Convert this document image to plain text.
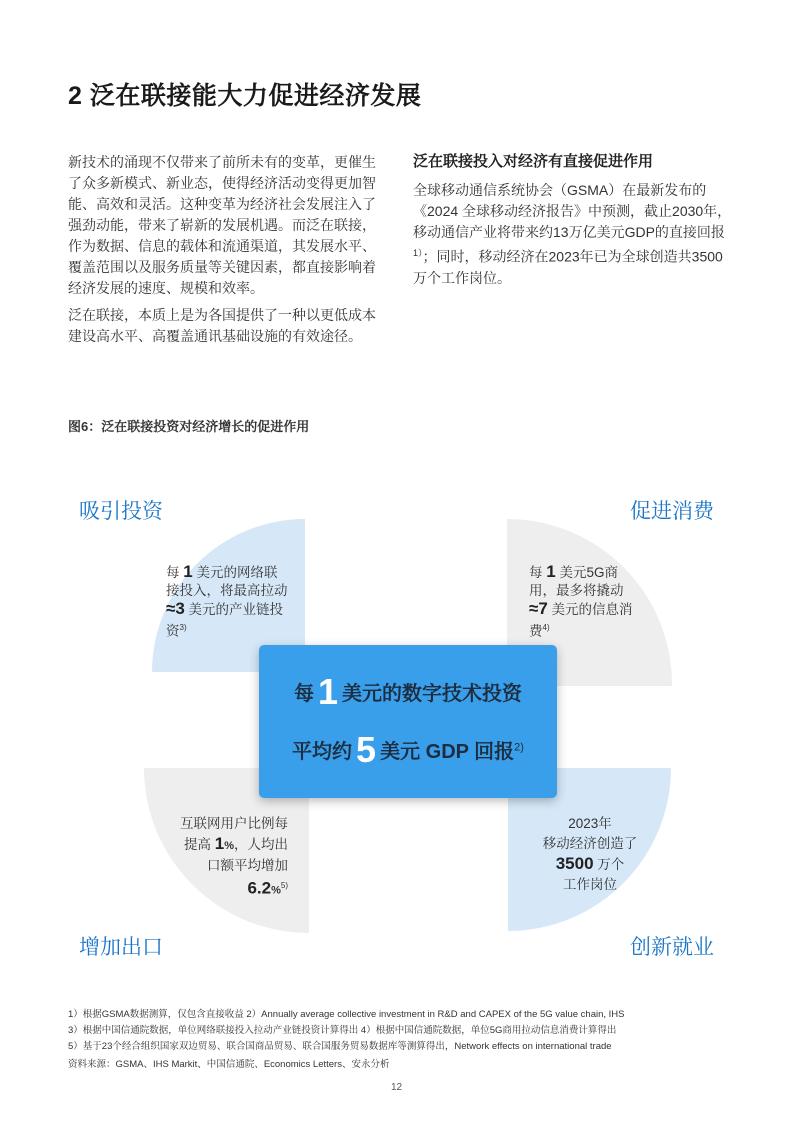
2 泛在联接能大力促进经济发展

新技术的涌现不仅带来了前所未有的变革，更催生了众多新模式、新业态，使得经济活动变得更加智能、高效和灵活。这种变革为经济社会发展注入了强劲动能，带来了崭新的发展机遇。而泛在联接，作为数据、信息的载体和流通渠道，其发展水平、覆盖范围以及服务质量等关键因素，都直接影响着经济发展的速度、规模和效率。

泛在联接，本质上是为各国提供了一种以更低成本建设高水平、高覆盖通讯基础设施的有效途径。

泛在联接投入对经济有直接促进作用

全球移动通信系统协会（GSMA）在最新发布的《2024 全球移动经济报告》中预测，截止2030年，移动通信产业将带来约13万亿美元GDP的直接回报$^{1)}$；同时，移动经济在2023年已为全球创造共3500万个工作岗位。

图6：泛在联接投资对经济增长的促进作用
吸引投资	促进消费
增加出口	创新就业
每 1 美元的网络联接投入，将最高拉动 ≈3 美元的产业链投资$^{3)}$
每 1 美元5G商用，最多将撬动 ≈7 美元的信息消费$^{4)}$
互联网用户比例每
提高 1%，人均出
口额平均增加
6.2%$^{5)}$
2023年
移动经济创造了
3500 万个
工作岗位
每 1 美元的数字技术投资
平均约 5 美元 GDP 回报$^{2)}$
1）根据GSMA数据测算，仅包含直接收益 2）Annually average collective investment in R&D and CAPEX of the 5G value chain, IHS
3）根据中国信通院数据，单位网络联接投入拉动产业链投资计算得出 4）根据中国信通院数据，单位5G商用拉动信息消费计算得出
5）基于23个经合组织国家双边贸易、联合国商品贸易、联合国服务贸易数据库等测算得出，Network effects on international trade
资料来源：GSMA、IHS Markit、中国信通院、Economics Letters、安永分析
12
